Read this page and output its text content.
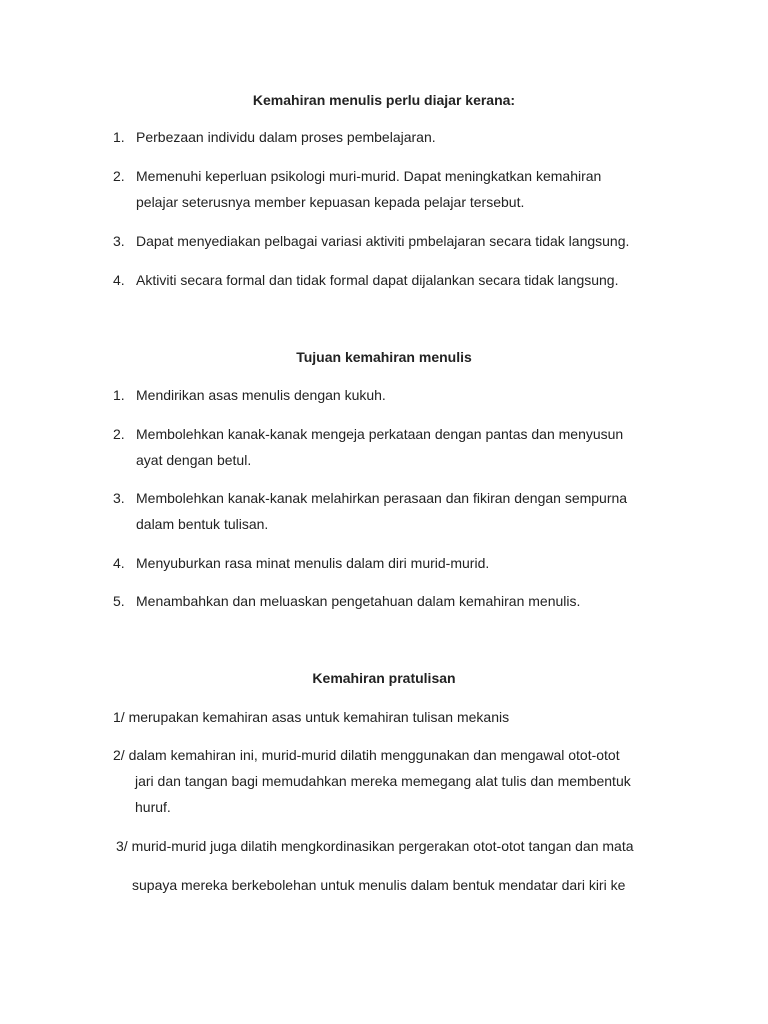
Kemahiran menulis perlu diajar kerana:
1. Perbezaan individu dalam proses pembelajaran.
2. Memenuhi keperluan psikologi muri-murid. Dapat meningkatkan kemahiran
pelajar seterusnya member kepuasan kepada pelajar tersebut.
3. Dapat menyediakan pelbagai variasi aktiviti pmbelajaran secara tidak langsung.
4. Aktiviti secara formal dan tidak formal dapat dijalankan secara tidak langsung.
Tujuan kemahiran menulis
1. Mendirikan asas menulis dengan kukuh.
2. Membolehkan kanak-kanak mengeja perkataan dengan pantas dan menyusun
ayat dengan betul.
3. Membolehkan kanak-kanak melahirkan perasaan dan fikiran dengan sempurna
dalam bentuk tulisan.
4. Menyuburkan rasa minat menulis dalam diri murid-murid.
5. Menambahkan dan meluaskan pengetahuan dalam kemahiran menulis.
Kemahiran pratulisan
1/ merupakan kemahiran asas untuk kemahiran tulisan mekanis
2/ dalam kemahiran ini, murid-murid dilatih menggunakan dan mengawal otot-otot
jari dan tangan bagi memudahkan mereka memegang alat tulis dan membentuk
huruf.
3/ murid-murid juga dilatih mengkordinasikan pergerakan otot-otot tangan dan mata
supaya mereka berkebolehan untuk menulis dalam bentuk mendatar dari kiri ke
